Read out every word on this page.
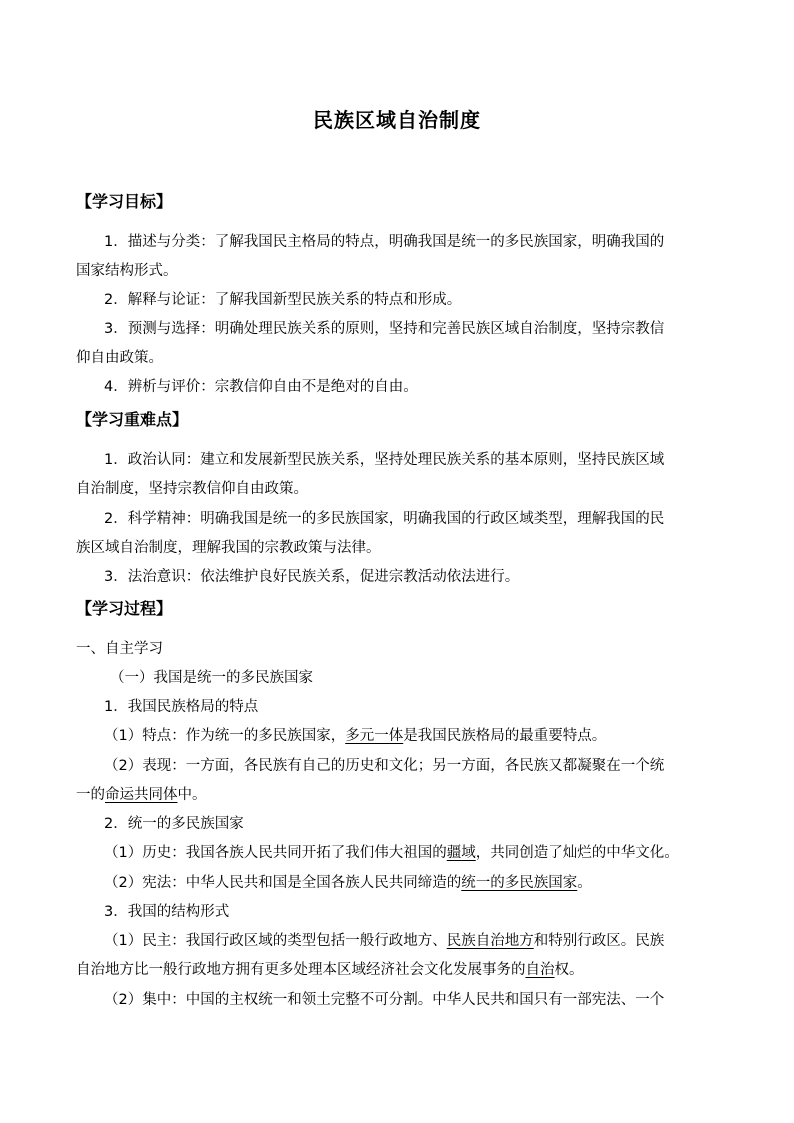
民族区域自治制度
【学习目标】
1．描述与分类：了解我国民主格局的特点，明确我国是统一的多民族国家，明确我国的
国家结构形式。
2．解释与论证：了解我国新型民族关系的特点和形成。
3．预测与选择：明确处理民族关系的原则，坚持和完善民族区域自治制度，坚持宗教信
仰自由政策。
4．辨析与评价：宗教信仰自由不是绝对的自由。
【学习重难点】
1．政治认同：建立和发展新型民族关系，坚持处理民族关系的基本原则，坚持民族区域
自治制度，坚持宗教信仰自由政策。
2．科学精神：明确我国是统一的多民族国家，明确我国的行政区域类型，理解我国的民
族区域自治制度，理解我国的宗教政策与法律。
3．法治意识：依法维护良好民族关系，促进宗教活动依法进行。
【学习过程】
一、自主学习
（一）我国是统一的多民族国家
1．我国民族格局的特点
（1）特点：作为统一的多民族国家，多元一体是我国民族格局的最重要特点。
（2）表现：一方面，各民族有自己的历史和文化；另一方面，各民族又都凝聚在一个统
一的命运共同体中。
2．统一的多民族国家
（1）历史：我国各族人民共同开拓了我们伟大祖国的疆域，共同创造了灿烂的中华文化。
（2）宪法：中华人民共和国是全国各族人民共同缔造的统一的多民族国家。
3．我国的结构形式
（1）民主：我国行政区域的类型包括一般行政地方、民族自治地方和特别行政区。民族
自治地方比一般行政地方拥有更多处理本区域经济社会文化发展事务的自治权。
（2）集中：中国的主权统一和领土完整不可分割。中华人民共和国只有一部宪法、一个
